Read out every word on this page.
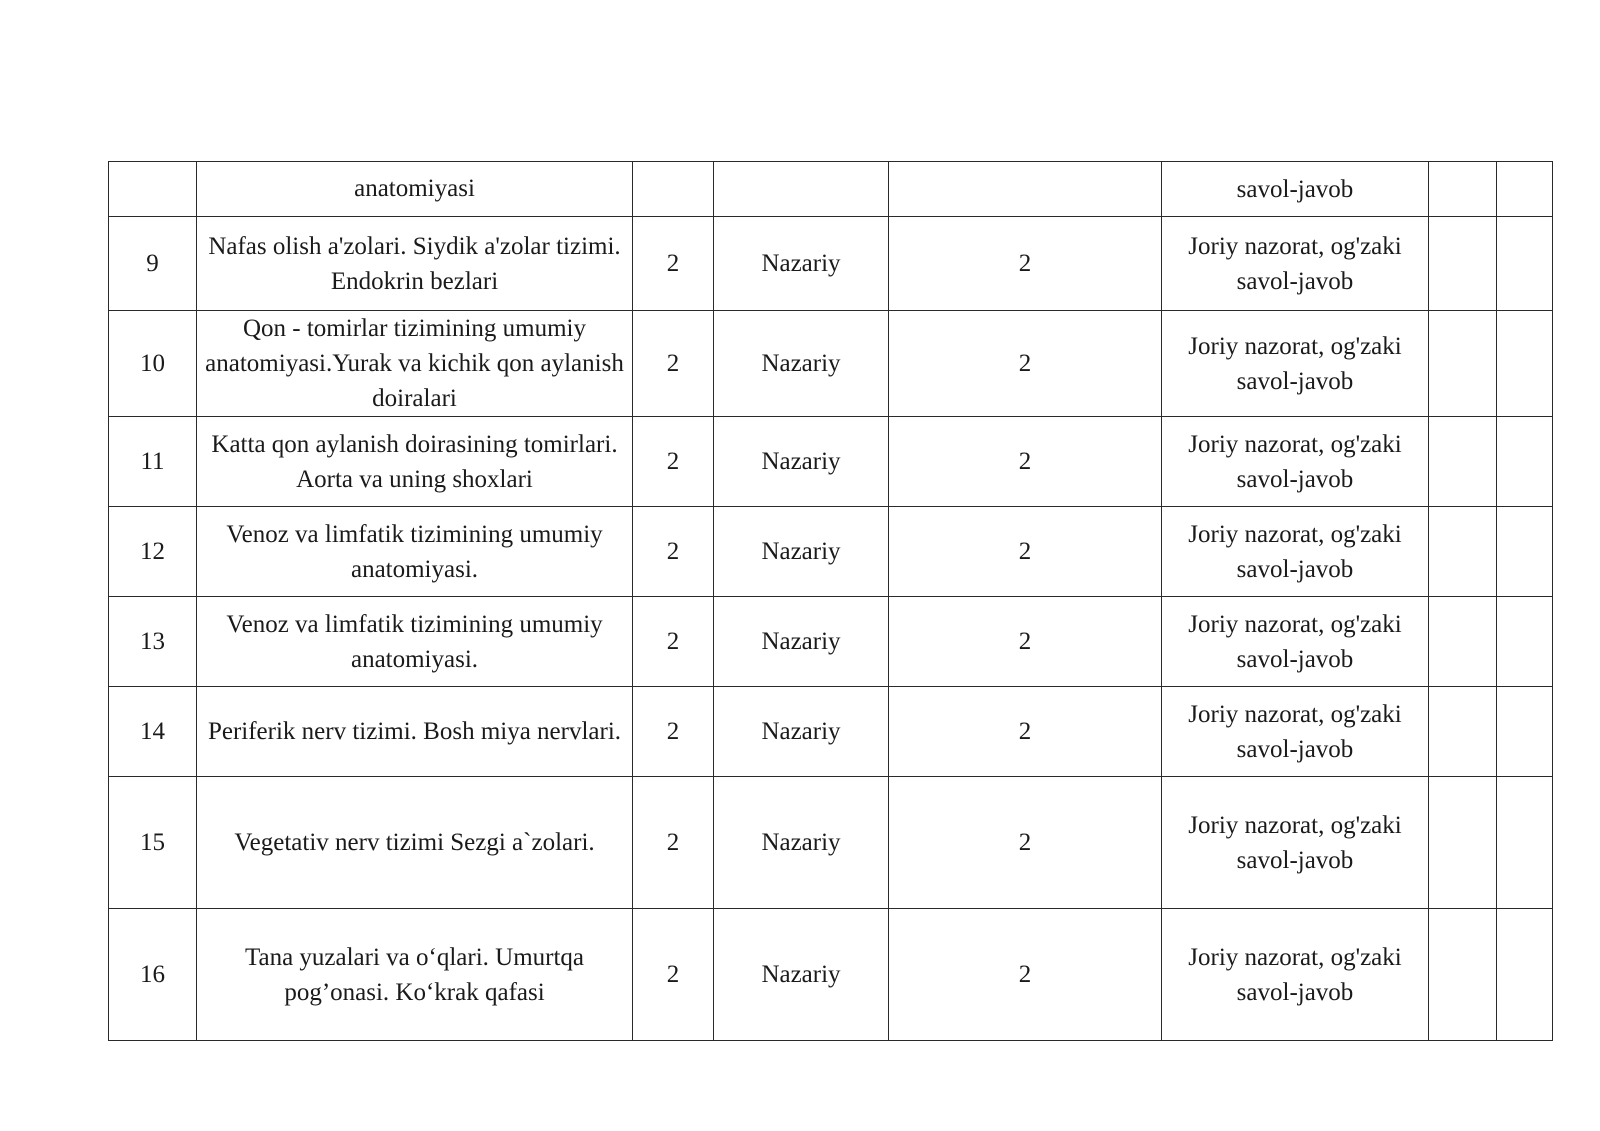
	anatomiyasi				savol-javob		
9	Nafas olish a'zolari. Siydik a'zolar tizimi. Endokrin bezlari	2	Nazariy	2	Joriy nazorat, og'zaki savol-javob		
10	Qon - tomirlar tizimining umumiy anatomiyasi.Yurak va kichik qon aylanish doiralari	2	Nazariy	2	Joriy nazorat, og'zaki savol-javob		
11	Katta qon aylanish doirasining tomirlari. Aorta va uning shoxlari	2	Nazariy	2	Joriy nazorat, og'zaki savol-javob		
12	Venoz va limfatik tizimining umumiy anatomiyasi.	2	Nazariy	2	Joriy nazorat, og'zaki savol-javob		
13	Venoz va limfatik tizimining umumiy anatomiyasi.	2	Nazariy	2	Joriy nazorat, og'zaki savol-javob		
14	Periferik nerv tizimi. Bosh miya nervlari.	2	Nazariy	2	Joriy nazorat, og'zaki savol-javob		
15	Vegetativ nerv tizimi Sezgi a`zolari.	2	Nazariy	2	Joriy nazorat, og'zaki savol-javob		
16	Tana yuzalari va o‘qlari. Umurtqa pog’onasi. Ko‘krak qafasi	2	Nazariy	2	Joriy nazorat, og'zaki savol-javob		
